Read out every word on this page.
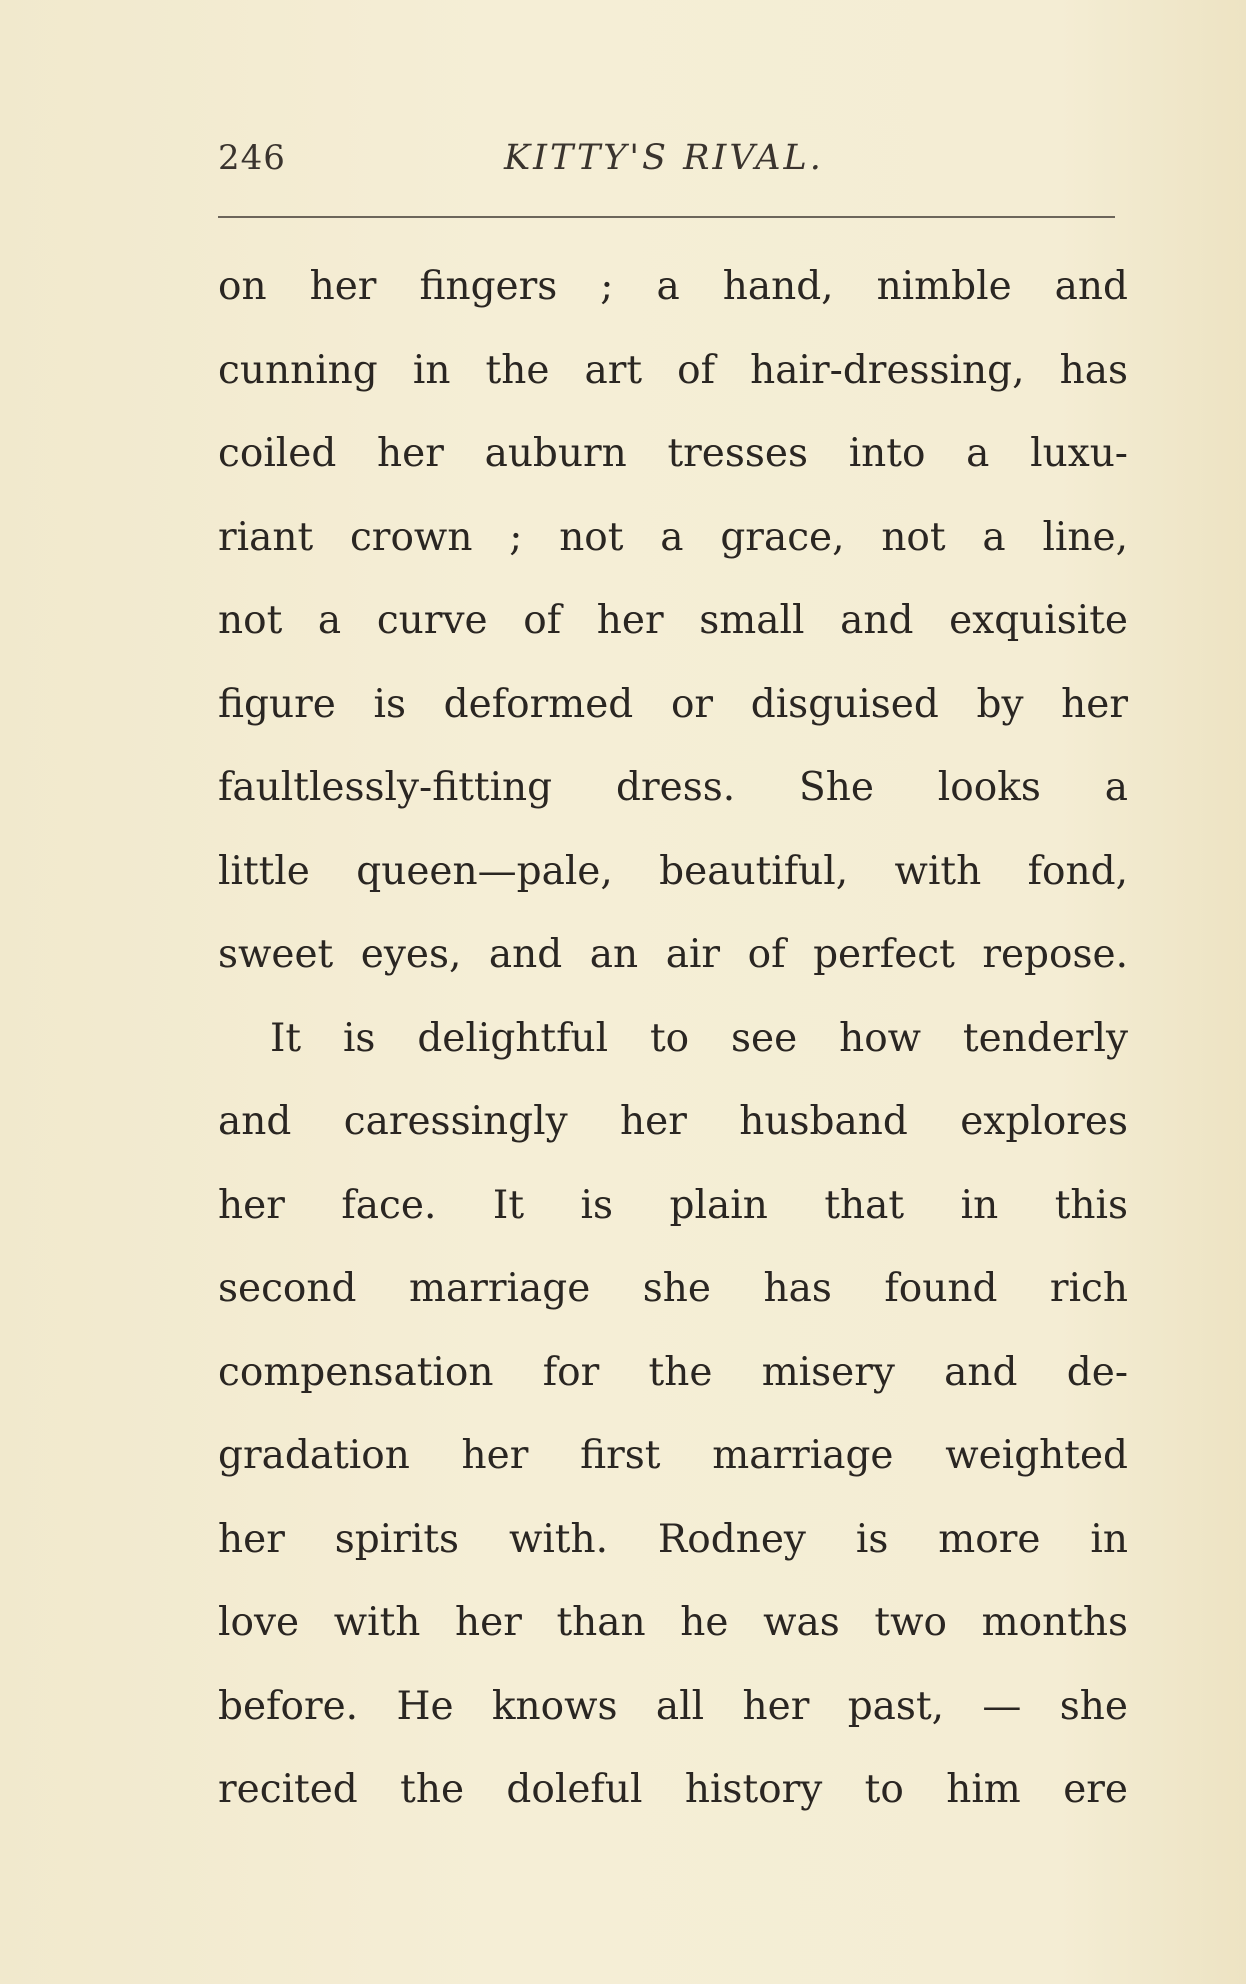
246	KITTY'S RIVAL.
on her fingers ; a hand, nimble and
cunning in the art of hair-dressing, has
coiled her auburn tresses into a luxu-
riant crown ; not a grace, not a line,
not a curve of her small and exquisite
figure is deformed or disguised by her
faultlessly-fitting dress. She looks a
little queen—pale, beautiful, with fond,
sweet eyes, and an air of perfect repose.
It is delightful to see how tenderly
and caressingly her husband explores
her face. It is plain that in this
second marriage she has found rich
compensation for the misery and de-
gradation her first marriage weighted
her spirits with. Rodney is more in
love with her than he was two months
before. He knows all her past, — she
recited the doleful history to him ere
